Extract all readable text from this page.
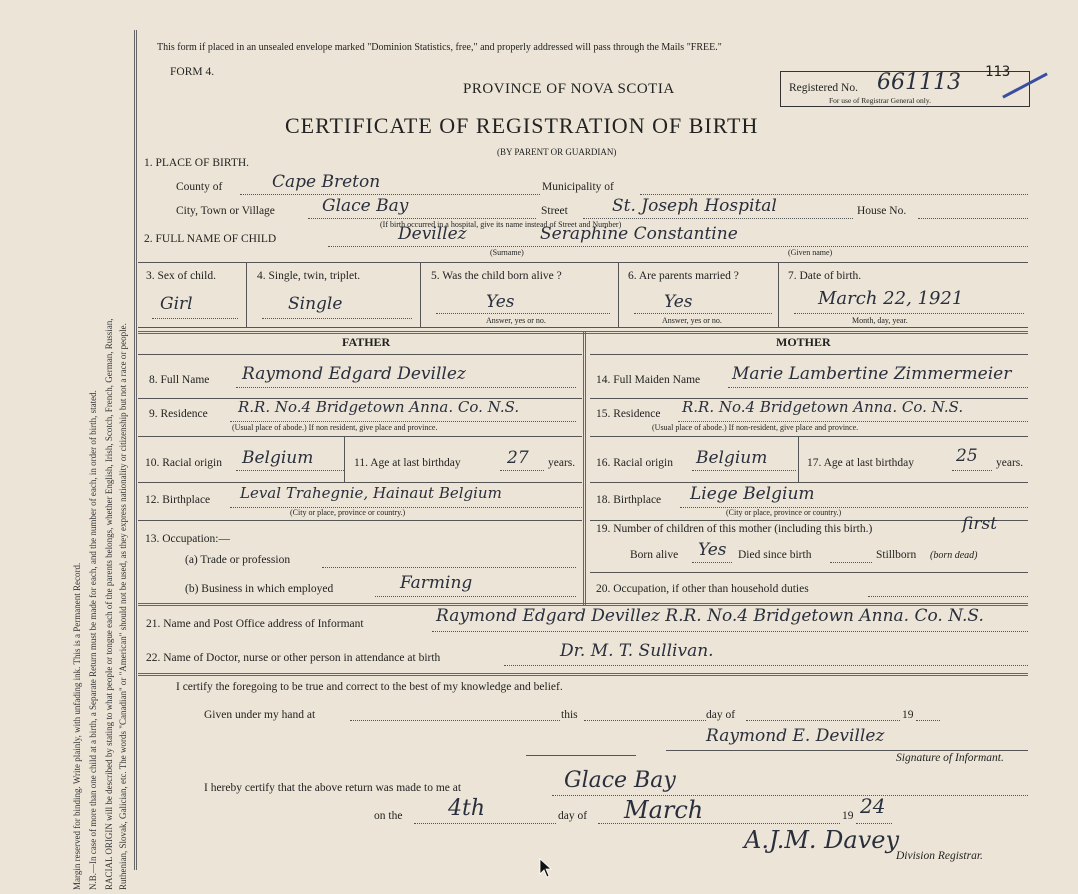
Margin reserved for binding. Write plainly, with unfading ink. This is a Permanent Record. N.B.—In case of more than one child at a birth, a Separate Return must be made for each, and the number of each, in order of birth, stated. RACIAL ORIGIN will be described by stating to what people or tongue each of the parents belongs, whether English, Irish, Scotch, French, German, Russian, Ruthenian, Slovak, Galician, etc. The words "Canadian" or "American" should not be used, as they express nationality or citizenship but not a race or people.
This form if placed in an unsealed envelope marked "Dominion Statistics, free," and properly addressed will pass through the Mails "FREE."
FORM 4.
PROVINCE OF NOVA SCOTIA	Registered No. 661113 113
For use of Registrar General only.
CERTIFICATE OF REGISTRATION OF BIRTH
(BY PARENT OR GUARDIAN)
1. PLACE OF BIRTH.
County of	Cape Breton	Municipality of
City, Town or Village	Glace Bay	Street	St. Joseph Hospital	House No.
(If birth occurred in a hospital, give its name instead of Street and Number)
2. FULL NAME OF CHILD	Devillez	Seraphine Constantine
(Surname)	(Given name)
3. Sex of child.
Girl
4. Single, twin, triplet.
Single
5. Was the child born alive ?
Yes
Answer, yes or no.
6. Are parents married ?
Yes
Answer, yes or no.
7. Date of birth.
March 22, 1921
Month, day, year.
FATHER	MOTHER
8. Full Name Raymond Edgard Devillez
9. Residence R.R. No.4 Bridgetown Anna. Co. N.S.
(Usual place of abode.) If non resident, give place and province.
10. Racial origin Belgium	11. Age at last birthday	27 years.
12. Birthplace Leval Trahegnie, Hainaut Belgium
(City or place, province or country.)
13. Occupation:—
(a) Trade or profession
(b) Business in which employed	Farming
14. Full Maiden Name Marie Lambertine Zimmermeier
15. Residence R.R. No.4 Bridgetown Anna. Co. N.S.
(Usual place of abode.) If non-resident, give place and province.
16. Racial origin Belgium	17. Age at last birthday 25 years.
18. Birthplace Liege Belgium
(City or place, province or country.)
19. Number of children of this mother (including this birth.)	first
Born alive Yes Died since birth	Stillborn (born dead)
20. Occupation, if other than household duties
21. Name and Post Office address of Informant	Raymond Edgard Devillez R.R. No.4 Bridgetown Anna. Co. N.S.
22. Name of Doctor, nurse or other person in attendance at birth	Dr. M. T. Sullivan.
I certify the foregoing to be true and correct to the best of my knowledge and belief.
Given under my hand at	this	day of	19
Raymond E. Devillez
Signature of Informant.
I hereby certify that the above return was made to me at	Glace Bay
on the 4th	day of March	19 24
A.J.M. Davey
Division Registrar.
